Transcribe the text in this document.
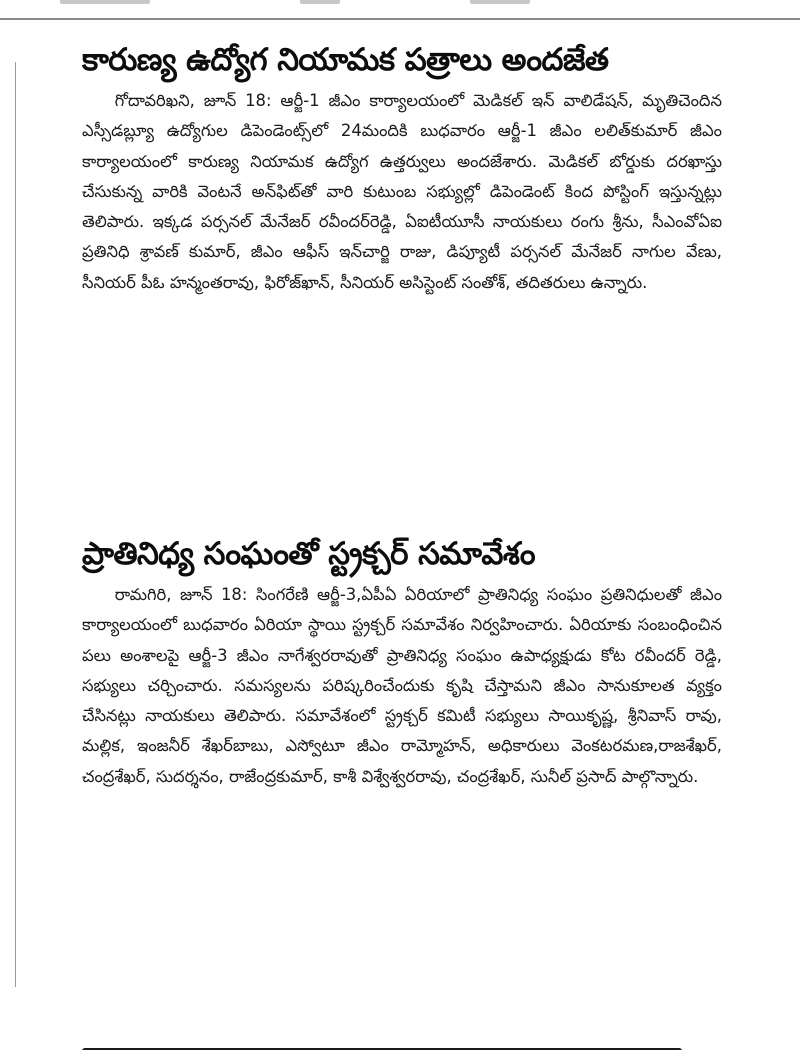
కారుణ్య ఉద్యోగ నియామక పత్రాలు అందజేత

గోదావరిఖని, జూన్ 18: ఆర్జీ-1 జీఎం కార్యాలయంలో మెడికల్ ఇన్ వాలిడేషన్, మృతిచెందిన ఎస్సీడబ్ల్యూ ఉద్యోగుల డిపెండెంట్స్‌లో 24మందికి బుధవారం ఆర్జీ-1 జీఎం లలిత్‌కుమార్ జీఎం కార్యాలయంలో కారుణ్య నియామక ఉద్యోగ ఉత్తర్వులు అందజేశారు. మెడికల్ బోర్డుకు దరఖాస్తు చేసుకున్న వారికి వెంటనే అన్‌ఫిట్‌తో వారి కుటుంబ సభ్యుల్లో డిపెండెంట్ కింద పోస్టింగ్ ఇస్తున్నట్లు తెలిపారు. ఇక్కడ పర్సనల్ మేనేజర్ రవీందర్‌రెడ్డి, ఏఐటీయూసీ నాయకులు రంగు శ్రీను, సీఎంవోఏఐ ప్రతినిధి శ్రావణ్ కుమార్, జీఎం ఆఫీస్ ఇన్‌చార్జి రాజు, డిప్యూటీ పర్సనల్ మేనేజర్ నాగుల వేణు, సీనియర్ పీఓ హన్మంతరావు, ఫిరోజ్‌ఖాన్, సీనియర్ అసిస్టెంట్ సంతోశ్, తదితరులు ఉన్నారు.

ప్రాతినిధ్య సంఘంతో స్ట్రక్చర్ సమావేశం

రామగిరి, జూన్ 18: సింగరేణి ఆర్జీ-3,ఏపీఏ ఏరియాలో ప్రాతినిధ్య సంఘం ప్రతినిధులతో జీఎం కార్యాలయంలో బుధవారం ఏరియా స్థాయి స్ట్రక్చర్ సమావేశం నిర్వహించారు. ఏరియాకు సంబంధించిన పలు అంశాలపై ఆర్జీ-3 జీఎం నాగేశ్వరరావుతో ప్రాతినిధ్య సంఘం ఉపాధ్యక్షుడు కోట రవీందర్ రెడ్డి, సభ్యులు చర్చించారు. సమస్యలను పరిష్కరించేందుకు కృషి చేస్తామని జీఎం సానుకూలత వ్యక్తం చేసినట్లు నాయకులు తెలిపారు. సమావేశంలో స్ట్రక్చర్ కమిటీ సభ్యులు సాయికృష్ణ, శ్రీనివాస్ రావు, మల్లిక, ఇంజనీర్ శేఖర్‌బాబు, ఎస్వోటూ జీఎం రామ్మోహన్, అధికారులు వెంకటరమణ,రాజశేఖర్, చంద్రశేఖర్, సుదర్శనం, రాజేంద్రకుమార్, కాశీ విశ్వేశ్వరరావు, చంద్రశేఖర్, సునీల్ ప్రసాద్ పాల్గొన్నారు.
